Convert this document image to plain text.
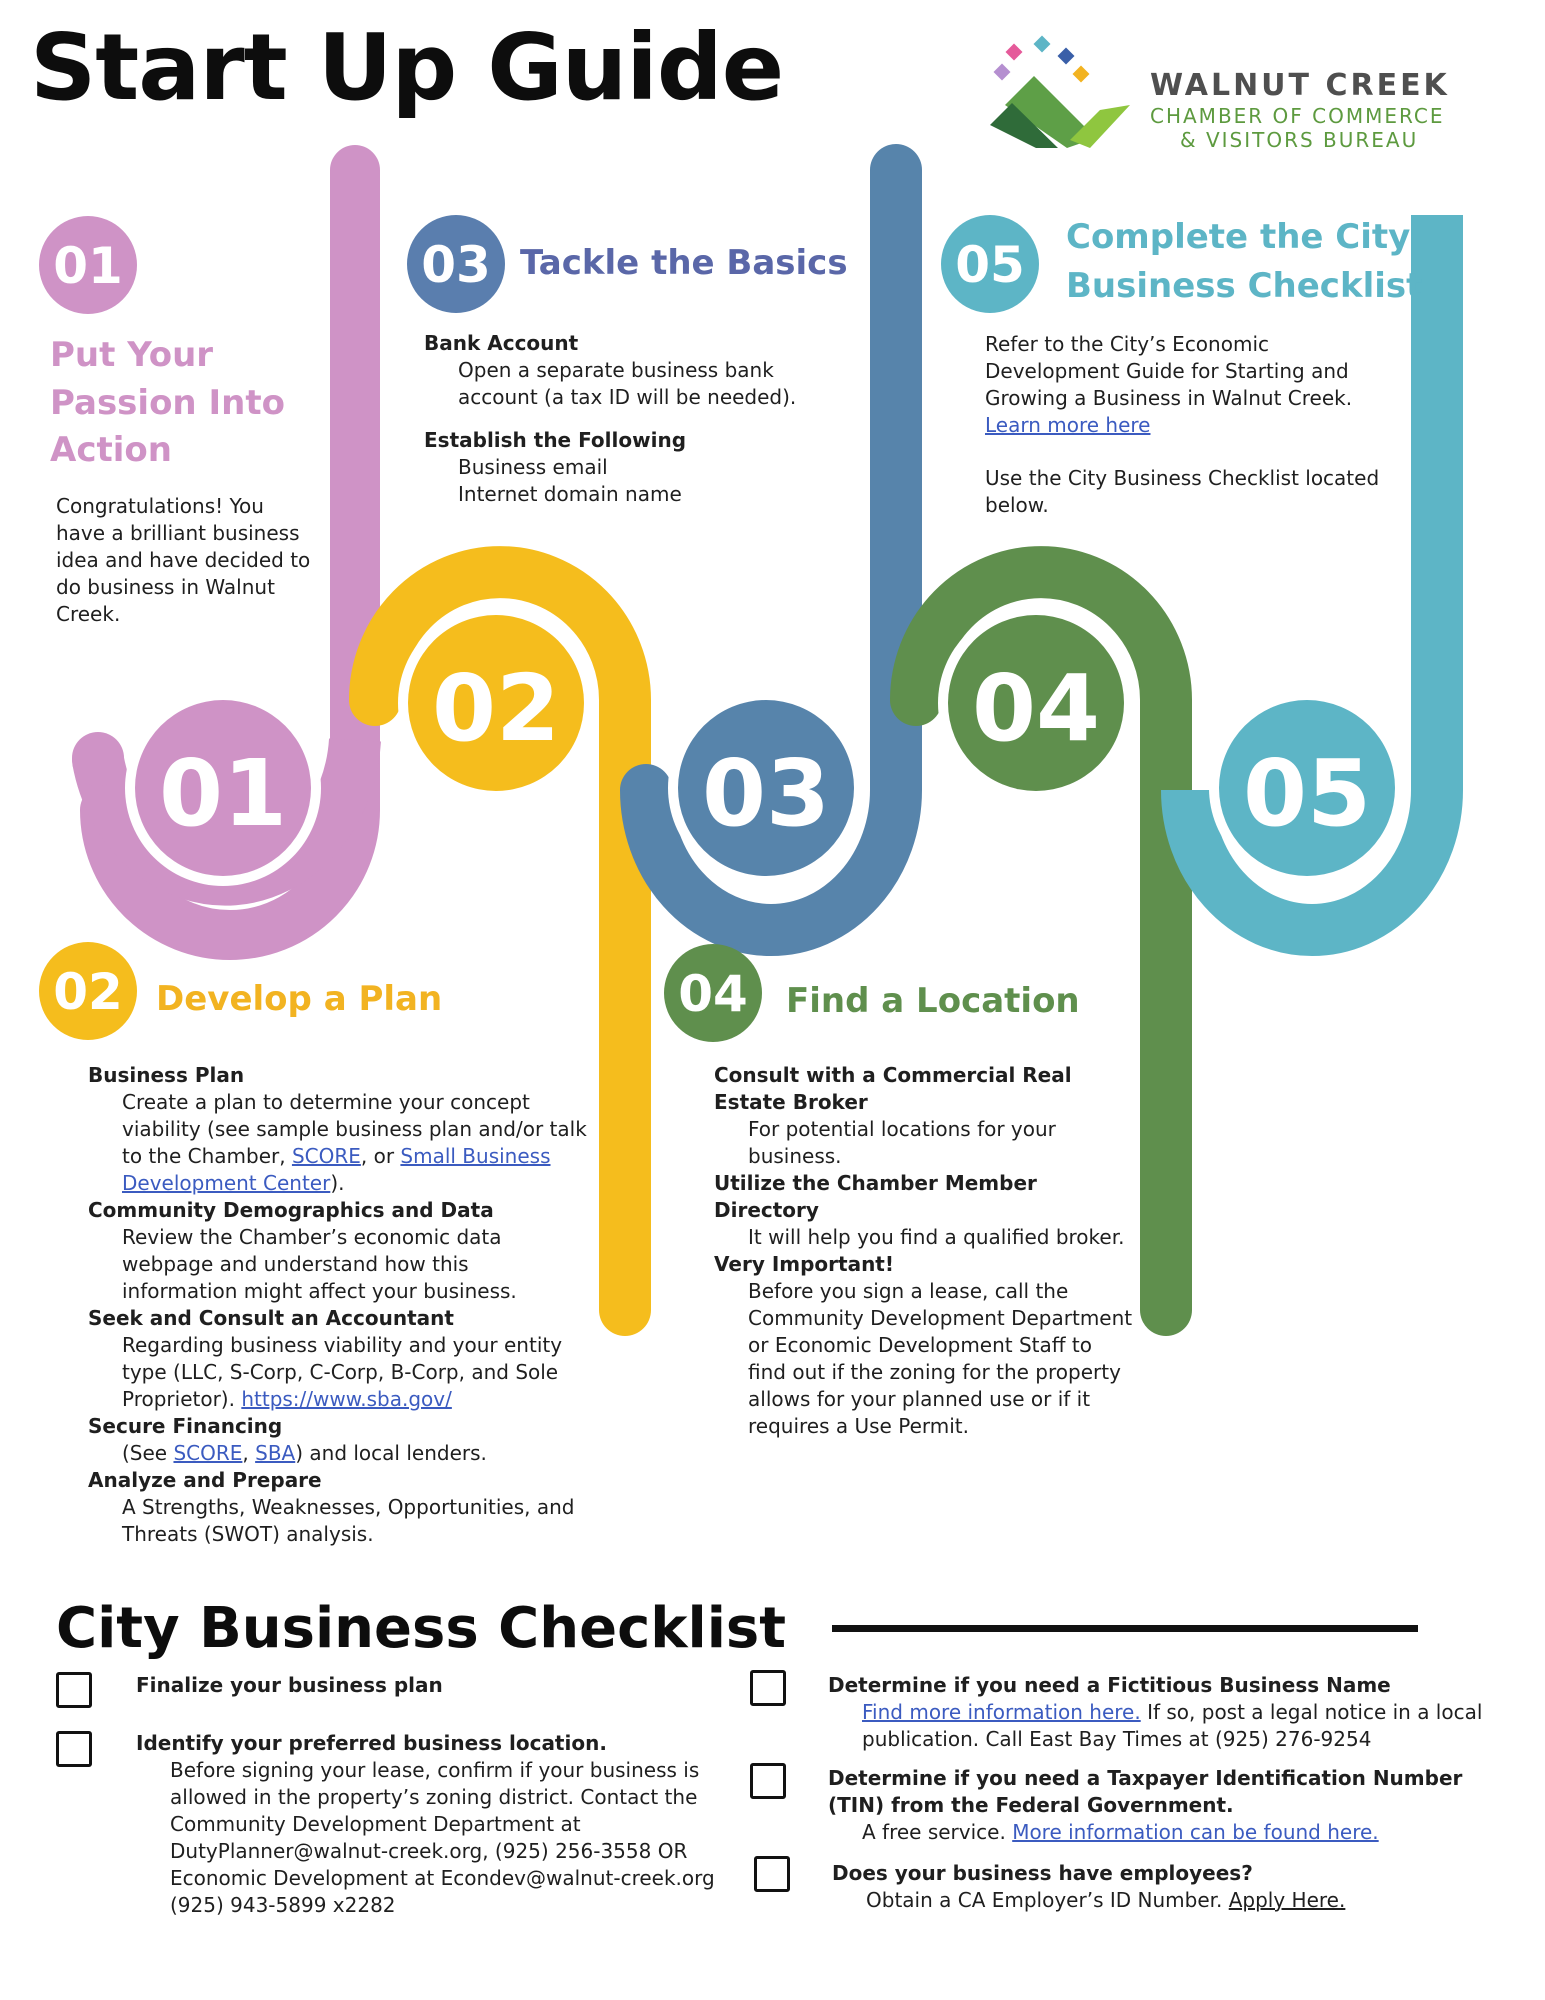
01
02
03
04
05
01	03	05
02	04
Start Up Guide	WALNUT CREEK
CHAMBER OF COMMERCE
& VISITORS BUREAU
Put Your Passion Into Action
Congratulations! You have a brilliant business idea and have decided to do business in Walnut Creek.
Tackle the Basics
Bank Account
Open a separate business bank account (a tax ID will be needed).
Establish the Following
Business email
Internet domain name
Complete the City
Business Checklist
Refer to the City’s Economic Development Guide for Starting and Growing a Business in Walnut Creek.
Learn more here
Use the City Business Checklist located below.
Develop a Plan
Business Plan
Create a plan to determine your concept viability (see sample business plan and/or talk to the Chamber, SCORE, or Small Business Development Center).
Community Demographics and Data
Review the Chamber’s economic data webpage and understand how this information might affect your business.
Seek and Consult an Accountant
Regarding business viability and your entity type (LLC, S-Corp, C-Corp, B-Corp, and Sole Proprietor). https://www.sba.gov/
Secure Financing
(See SCORE, SBA) and local lenders.
Analyze and Prepare
A Strengths, Weaknesses, Opportunities, and Threats (SWOT) analysis.
Find a Location
Consult with a Commercial Real Estate Broker
For potential locations for your business.
Utilize the Chamber Member Directory
It will help you find a qualified broker.
Very Important!
Before you sign a lease, call the Community Development Department or Economic Development Staff to find out if the zoning for the property allows for your planned use or if it requires a Use Permit.
City Business Checklist
Finalize your business plan
Identify your preferred business location.
Before signing your lease, confirm if your business is allowed in the property’s zoning district. Contact the Community Development Department at DutyPlanner@walnut-creek.org, (925) 256-3558 OR Economic Development at Econdev@walnut-creek.org (925) 943-5899 x2282
Determine if you need a Fictitious Business Name
Find more information here. If so, post a legal notice in a local publication. Call East Bay Times at (925) 276-9254
Determine if you need a Taxpayer Identification Number (TIN) from the Federal Government.
A free service. More information can be found here.
Does your business have employees?
Obtain a CA Employer’s ID Number. Apply Here.
